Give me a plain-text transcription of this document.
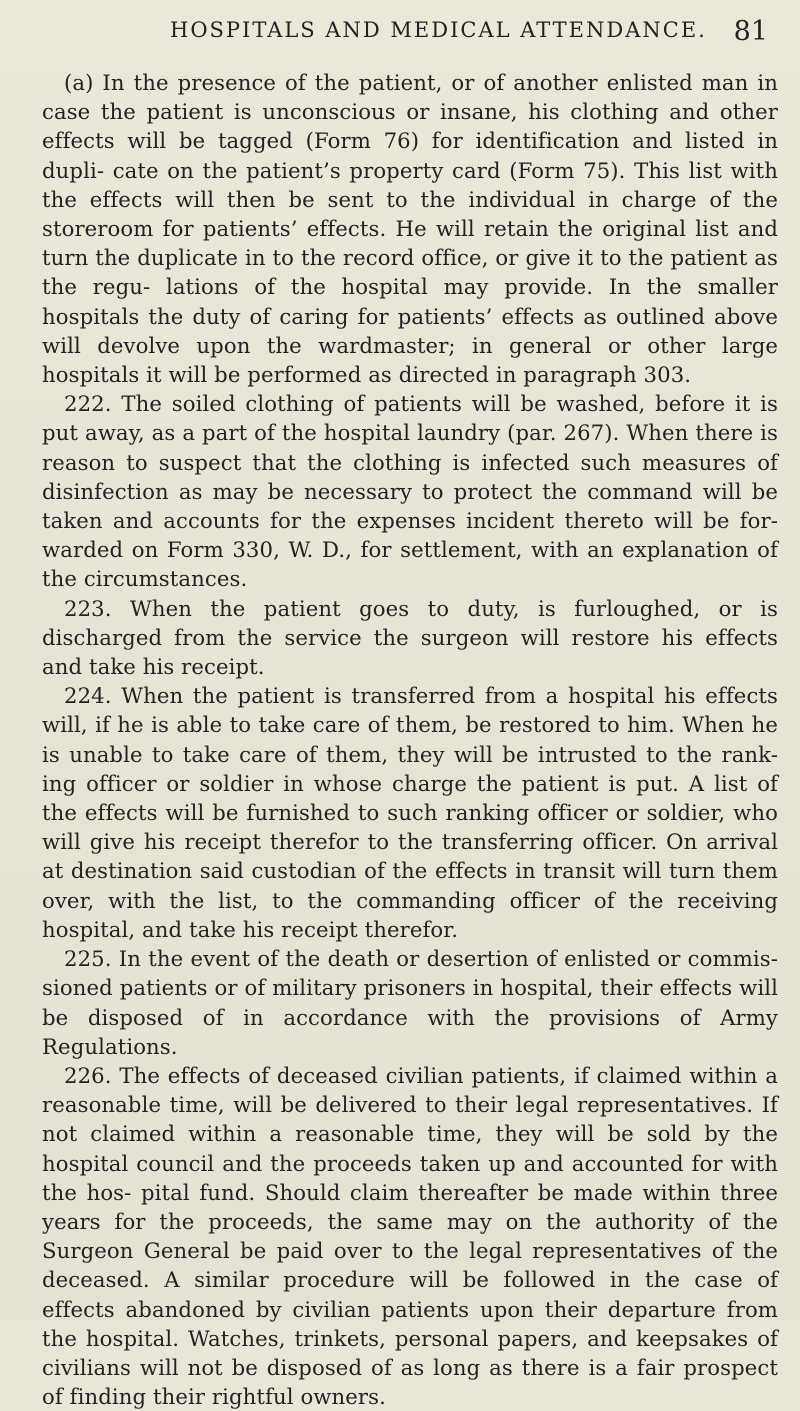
HOSPITALS AND MEDICAL ATTENDANCE. 81

(a) In the presence of the patient, or of another enlisted man in case the patient is unconscious or insane, his clothing and other effects will be tagged (Form 76) for identification and listed in dupli- cate on the patient’s property card (Form 75). This list with the effects will then be sent to the individual in charge of the storeroom for patients’ effects. He will retain the original list and turn the duplicate in to the record office, or give it to the patient as the regu- lations of the hospital may provide. In the smaller hospitals the duty of caring for patients’ effects as outlined above will devolve upon the wardmaster; in general or other large hospitals it will be performed as directed in paragraph 303.

222. The soiled clothing of patients will be washed, before it is put away, as a part of the hospital laundry (par. 267). When there is reason to suspect that the clothing is infected such measures of disinfection as may be necessary to protect the command will be taken and accounts for the expenses incident thereto will be for- warded on Form 330, W. D., for settlement, with an explanation of the circumstances.

223. When the patient goes to duty, is furloughed, or is discharged from the service the surgeon will restore his effects and take his receipt.

224. When the patient is transferred from a hospital his effects will, if he is able to take care of them, be restored to him. When he is unable to take care of them, they will be intrusted to the rank- ing officer or soldier in whose charge the patient is put. A list of the effects will be furnished to such ranking officer or soldier, who will give his receipt therefor to the transferring officer. On arrival at destination said custodian of the effects in transit will turn them over, with the list, to the commanding officer of the receiving hospital, and take his receipt therefor.

225. In the event of the death or desertion of enlisted or commis- sioned patients or of military prisoners in hospital, their effects will be disposed of in accordance with the provisions of Army Regulations.

226. The effects of deceased civilian patients, if claimed within a reasonable time, will be delivered to their legal representatives. If not claimed within a reasonable time, they will be sold by the hospital council and the proceeds taken up and accounted for with the hos- pital fund. Should claim thereafter be made within three years for the proceeds, the same may on the authority of the Surgeon General be paid over to the legal representatives of the deceased. A similar procedure will be followed in the case of effects abandoned by civilian patients upon their departure from the hospital. Watches, trinkets, personal papers, and keepsakes of civilians will not be disposed of as long as there is a fair prospect of finding their rightful owners.
